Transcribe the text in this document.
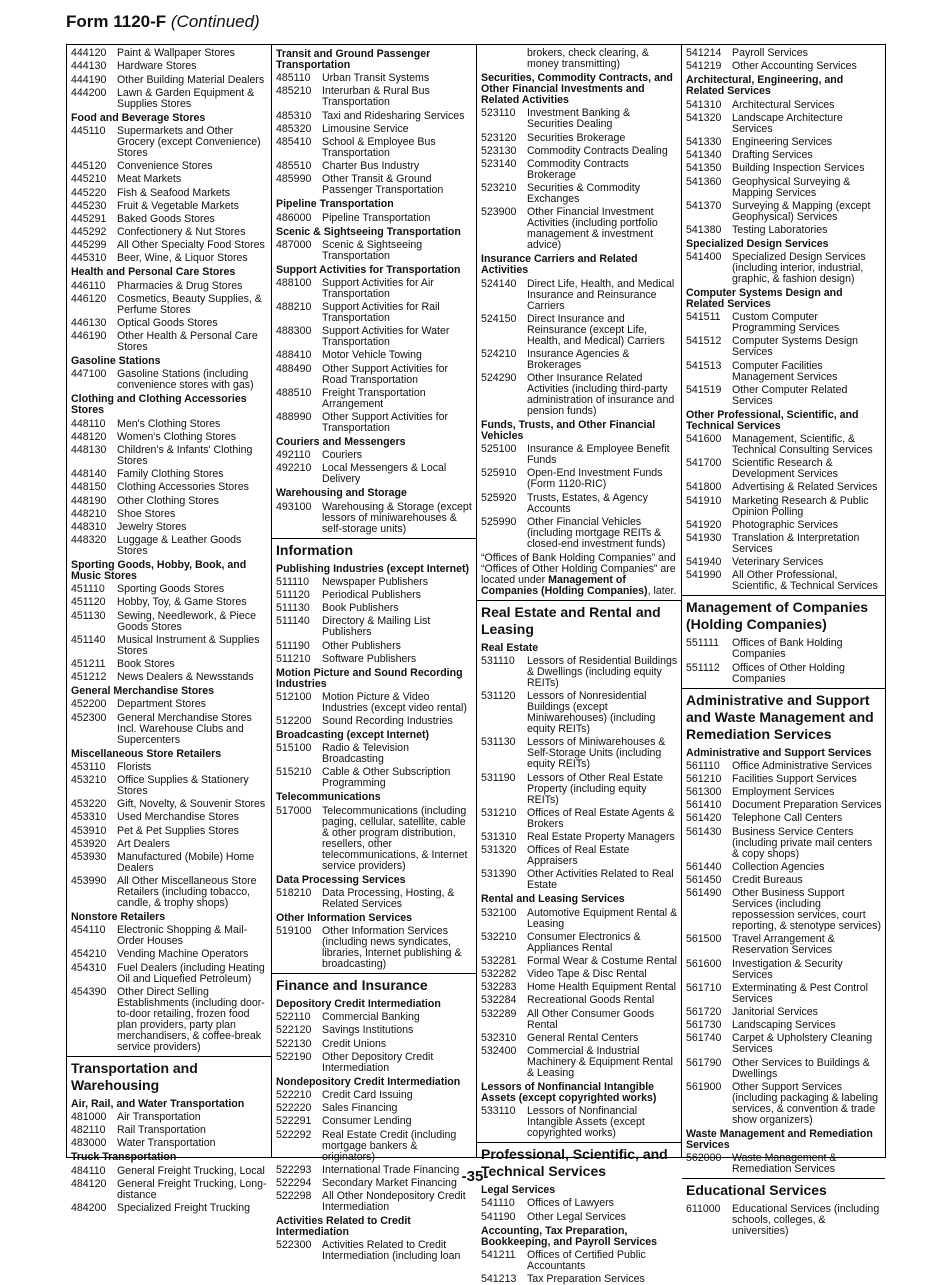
Form 1120-F (Continued)
444120	Paint & Wallpaper Stores
444130	Hardware Stores
444190	Other Building Material Dealers
444200	Lawn & Garden Equipment & Supplies Stores
Food and Beverage Stores
445110	Supermarkets and Other Grocery (except Convenience) Stores
445120	Convenience Stores
445210	Meat Markets
445220	Fish & Seafood Markets
445230	Fruit & Vegetable Markets
445291	Baked Goods Stores
445292	Confectionery & Nut Stores
445299	All Other Specialty Food Stores
445310	Beer, Wine, & Liquor Stores
Health and Personal Care Stores
446110	Pharmacies & Drug Stores
446120	Cosmetics, Beauty Supplies, & Perfume Stores
446130	Optical Goods Stores
446190	Other Health & Personal Care Stores
Gasoline Stations
447100	Gasoline Stations (including convenience stores with gas)
Clothing and Clothing Accessories Stores
448110	Men's Clothing Stores
448120	Women's Clothing Stores
448130	Children's & Infants' Clothing Stores
448140	Family Clothing Stores
448150	Clothing Accessories Stores
448190	Other Clothing Stores
448210	Shoe Stores
448310	Jewelry Stores
448320	Luggage & Leather Goods Stores
Sporting Goods, Hobby, Book, and Music Stores
451110	Sporting Goods Stores
451120	Hobby, Toy, & Game Stores
451130	Sewing, Needlework, & Piece Goods Stores
451140	Musical Instrument & Supplies Stores
451211	Book Stores
451212	News Dealers & Newsstands
General Merchandise Stores
452200	Department Stores
452300	General Merchandise Stores Incl. Warehouse Clubs and Supercenters
Miscellaneous Store Retailers
453110	Florists
453210	Office Supplies & Stationery Stores
453220	Gift, Novelty, & Souvenir Stores
453310	Used Merchandise Stores
453910	Pet & Pet Supplies Stores
453920	Art Dealers
453930	Manufactured (Mobile) Home Dealers
453990	All Other Miscellaneous Store Retailers (including tobacco, candle, & trophy shops)
Nonstore Retailers
454110	Electronic Shopping & Mail-Order Houses
454210	Vending Machine Operators
454310	Fuel Dealers (including Heating Oil and Liquefied Petroleum)
454390	Other Direct Selling Establishments (including door-to-door retailing, frozen food plan providers, party plan merchandisers, & coffee-break service providers)
Transportation and Warehousing
Air, Rail, and Water Transportation
481000	Air Transportation
482110	Rail Transportation
483000	Water Transportation
Truck Transportation
484110	General Freight Trucking, Local
484120	General Freight Trucking, Long-distance
484200	Specialized Freight Trucking
Transit and Ground Passenger Transportation
485110	Urban Transit Systems
485210	Interurban & Rural Bus Transportation
485310	Taxi and Ridesharing Services
485320	Limousine Service
485410	School & Employee Bus Transportation
485510	Charter Bus Industry
485990	Other Transit & Ground Passenger Transportation
Pipeline Transportation
486000	Pipeline Transportation
Scenic & Sightseeing Transportation
487000	Scenic & Sightseeing Transportation
Support Activities for Transportation
488100	Support Activities for Air Transportation
488210	Support Activities for Rail Transportation
488300	Support Activities for Water Transportation
488410	Motor Vehicle Towing
488490	Other Support Activities for Road Transportation
488510	Freight Transportation Arrangement
488990	Other Support Activities for Transportation
Couriers and Messengers
492110	Couriers
492210	Local Messengers & Local Delivery
Warehousing and Storage
493100	Warehousing & Storage (except lessors of miniwarehouses & self-storage units)
Information
Publishing Industries (except Internet)
511110	Newspaper Publishers
511120	Periodical Publishers
511130	Book Publishers
511140	Directory & Mailing List Publishers
511190	Other Publishers
511210	Software Publishers
Motion Picture and Sound Recording Industries
512100	Motion Picture & Video Industries (except video rental)
512200	Sound Recording Industries
Broadcasting (except Internet)
515100	Radio & Television Broadcasting
515210	Cable & Other Subscription Programming
Telecommunications
517000	Telecommunications (including paging, cellular, satellite, cable & other program distribution, resellers, other telecommunications, & Internet service providers)
Data Processing Services
518210	Data Processing, Hosting, & Related Services
Other Information Services
519100	Other Information Services (including news syndicates, libraries, Internet publishing & broadcasting)
Finance and Insurance
Depository Credit Intermediation
522110	Commercial Banking
522120	Savings Institutions
522130	Credit Unions
522190	Other Depository Credit Intermediation
Nondepository Credit Intermediation
522210	Credit Card Issuing
522220	Sales Financing
522291	Consumer Lending
522292	Real Estate Credit (including mortgage bankers & originators)
522293	International Trade Financing
522294	Secondary Market Financing
522298	All Other Nondepository Credit Intermediation
Activities Related to Credit Intermediation
522300	Activities Related to Credit Intermediation (including loan
brokers, check clearing, & money transmitting)
Securities, Commodity Contracts, and Other Financial Investments and Related Activities
523110	Investment Banking & Securities Dealing
523120	Securities Brokerage
523130	Commodity Contracts Dealing
523140	Commodity Contracts Brokerage
523210	Securities & Commodity Exchanges
523900	Other Financial Investment Activities (including portfolio management & investment advice)
Insurance Carriers and Related Activities
524140	Direct Life, Health, and Medical Insurance and Reinsurance Carriers
524150	Direct Insurance and Reinsurance (except Life, Health, and Medical) Carriers
524210	Insurance Agencies & Brokerages
524290	Other Insurance Related Activities (including third-party administration of insurance and pension funds)
Funds, Trusts, and Other Financial Vehicles
525100	Insurance & Employee Benefit Funds
525910	Open-End Investment Funds (Form 1120-RIC)
525920	Trusts, Estates, & Agency Accounts
525990	Other Financial Vehicles (including mortgage REITs & closed-end investment funds)
“Offices of Bank Holding Companies” and “Offices of Other Holding Companies” are located under Management of Companies (Holding Companies), later.
Real Estate and Rental and Leasing
Real Estate
531110	Lessors of Residential Buildings & Dwellings (including equity REITs)
531120	Lessors of Nonresidential Buildings (except Miniwarehouses) (including equity REITs)
531130	Lessors of Miniwarehouses & Self-Storage Units (including equity REITs)
531190	Lessors of Other Real Estate Property (including equity REITs)
531210	Offices of Real Estate Agents & Brokers
531310	Real Estate Property Managers
531320	Offices of Real Estate Appraisers
531390	Other Activities Related to Real Estate
Rental and Leasing Services
532100	Automotive Equipment Rental & Leasing
532210	Consumer Electronics & Appliances Rental
532281	Formal Wear & Costume Rental
532282	Video Tape & Disc Rental
532283	Home Health Equipment Rental
532284	Recreational Goods Rental
532289	All Other Consumer Goods Rental
532310	General Rental Centers
532400	Commercial & Industrial Machinery & Equipment Rental & Leasing
Lessors of Nonfinancial Intangible Assets (except copyrighted works)
533110	Lessors of Nonfinancial Intangible Assets (except copyrighted works)
Professional, Scientific, and Technical Services
Legal Services
541110	Offices of Lawyers
541190	Other Legal Services
Accounting, Tax Preparation, Bookkeeping, and Payroll Services
541211	Offices of Certified Public Accountants
541213	Tax Preparation Services
541214	Payroll Services
541219	Other Accounting Services
Architectural, Engineering, and Related Services
541310	Architectural Services
541320	Landscape Architecture Services
541330	Engineering Services
541340	Drafting Services
541350	Building Inspection Services
541360	Geophysical Surveying & Mapping Services
541370	Surveying & Mapping (except Geophysical) Services
541380	Testing Laboratories
Specialized Design Services
541400	Specialized Design Services (including interior, industrial, graphic, & fashion design)
Computer Systems Design and Related Services
541511	Custom Computer Programming Services
541512	Computer Systems Design Services
541513	Computer Facilities Management Services
541519	Other Computer Related Services
Other Professional, Scientific, and Technical Services
541600	Management, Scientific, & Technical Consulting Services
541700	Scientific Research & Development Services
541800	Advertising & Related Services
541910	Marketing Research & Public Opinion Polling
541920	Photographic Services
541930	Translation & Interpretation Services
541940	Veterinary Services
541990	All Other Professional, Scientific, & Technical Services
Management of Companies (Holding Companies)
551111	Offices of Bank Holding Companies
551112	Offices of Other Holding Companies
Administrative and Support and Waste Management and Remediation Services
Administrative and Support Services
561110	Office Administrative Services
561210	Facilities Support Services
561300	Employment Services
561410	Document Preparation Services
561420	Telephone Call Centers
561430	Business Service Centers (including private mail centers & copy shops)
561440	Collection Agencies
561450	Credit Bureaus
561490	Other Business Support Services (including repossession services, court reporting, & stenotype services)
561500	Travel Arrangement & Reservation Services
561600	Investigation & Security Services
561710	Exterminating & Pest Control Services
561720	Janitorial Services
561730	Landscaping Services
561740	Carpet & Upholstery Cleaning Services
561790	Other Services to Buildings & Dwellings
561900	Other Support Services (including packaging & labeling services, & convention & trade show organizers)
Waste Management and Remediation Services
562000	Waste Management & Remediation Services
Educational Services
611000	Educational Services (including schools, colleges, & universities)
-35-
